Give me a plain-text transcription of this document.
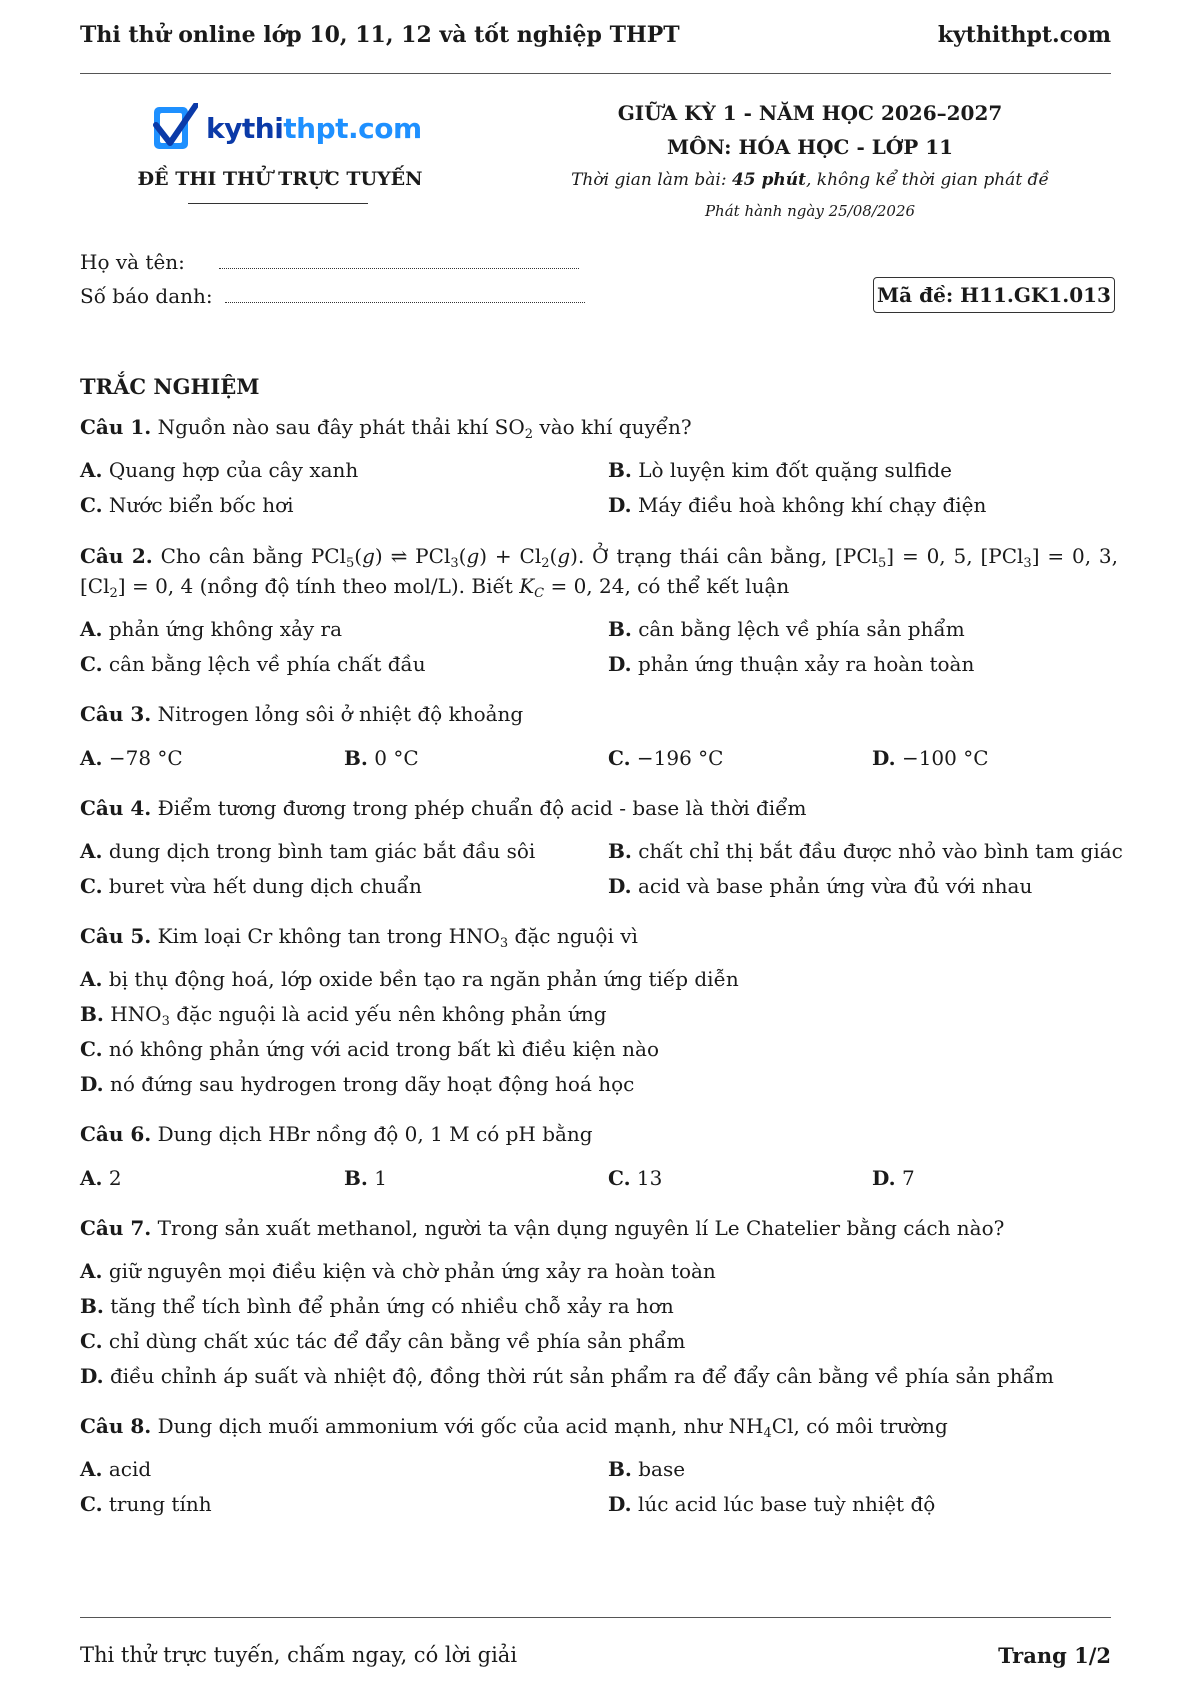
Thi thử online lớp 10, 11, 12 và tốt nghiệp THPT	kythithpt.com
kythithpt.com
ĐỀ THI THỬ TRỰC TUYẾN
GIỮA KỲ 1 - NĂM HỌC 2026–2027
MÔN: HÓA HỌC - LỚP 11
Thời gian làm bài: 45 phút, không kể thời gian phát đề
Phát hành ngày 25/08/2026
Họ và tên:
Số báo danh:	Mã đề: H11.GK1.013
TRẮC NGHIỆM
Câu 1. Nguồn nào sau đây phát thải khí $SO_2$ vào khí quyển?
A. Quang hợp của cây xanh	B. Lò luyện kim đốt quặng sulfide
C. Nước biển bốc hơi	D. Máy điều hoà không khí chạy điện
Câu 2. Cho cân bằng PCl$_5$(g) ⇌ $PCl_3(g) + Cl_2(g)$. Ở trạng thái cân bằng, [PCl$_5$] = 0, 5, [PCl$_3$] = 0, 3, $[Cl_2] = 0$, 4 (nồng độ tính theo mol/L). Biết $K_C = 0$, 24, có thể kết luận
A. phản ứng không xảy ra	B. cân bằng lệch về phía sản phẩm
C. cân bằng lệch về phía chất đầu	D. phản ứng thuận xảy ra hoàn toàn
Câu 3. Nitrogen lỏng sôi ở nhiệt độ khoảng
A. −78 °C	B. 0 °C	C. −196 °C	D. −100 °C
Câu 4. Điểm tương đương trong phép chuẩn độ acid - base là thời điểm
A. dung dịch trong bình tam giác bắt đầu sôi	B. chất chỉ thị bắt đầu được nhỏ vào bình tam giác
C. buret vừa hết dung dịch chuẩn	D. acid và base phản ứng vừa đủ với nhau
Câu 5. Kim loại Cr không tan trong $HNO_3$ đặc nguội vì
A. bị thụ động hoá, lớp oxide bền tạo ra ngăn phản ứng tiếp diễn
B. $HNO_3$ đặc nguội là acid yếu nên không phản ứng
C. nó không phản ứng với acid trong bất kì điều kiện nào
D. nó đứng sau hydrogen trong dãy hoạt động hoá học
Câu 6. Dung dịch HBr nồng độ 0, 1 M có pH bằng
A. 2	B. 1	C. 13	D. 7
Câu 7. Trong sản xuất methanol, người ta vận dụng nguyên lí Le Chatelier bằng cách nào?
A. giữ nguyên mọi điều kiện và chờ phản ứng xảy ra hoàn toàn
B. tăng thể tích bình để phản ứng có nhiều chỗ xảy ra hơn
C. chỉ dùng chất xúc tác để đẩy cân bằng về phía sản phẩm
D. điều chỉnh áp suất và nhiệt độ, đồng thời rút sản phẩm ra để đẩy cân bằng về phía sản phẩm
Câu 8. Dung dịch muối ammonium với gốc của acid mạnh, như $NH_4Cl$, có môi trường
A. acid	B. base
C. trung tính	D. lúc acid lúc base tuỳ nhiệt độ
Thi thử trực tuyến, chấm ngay, có lời giải	Trang 1/2
